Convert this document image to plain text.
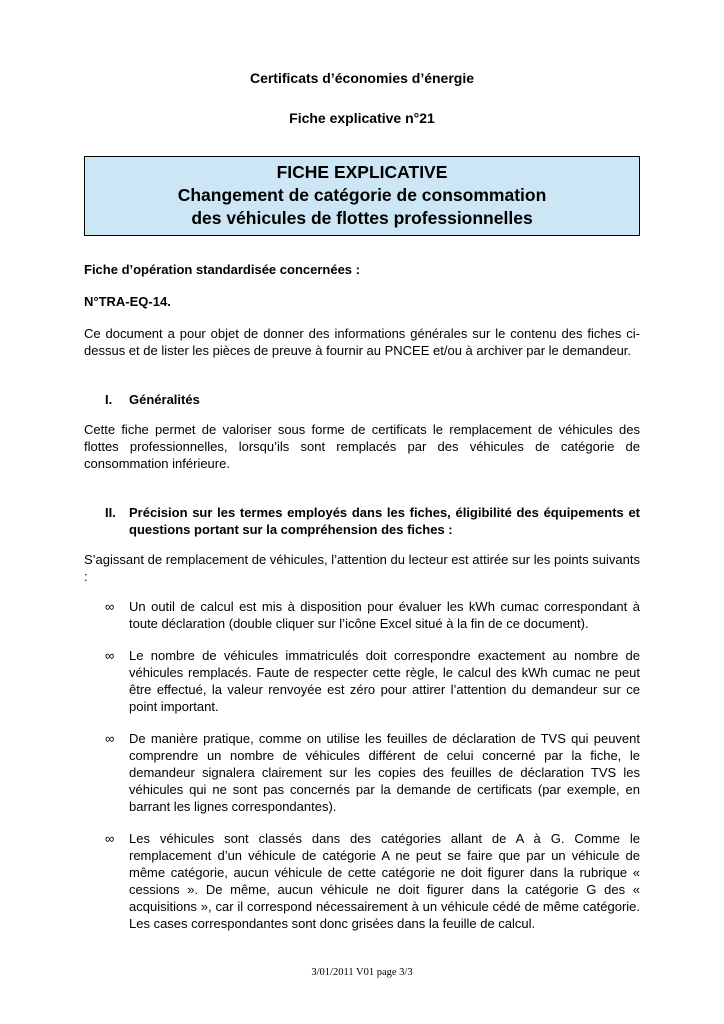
Certificats d’économies d’énergie
Fiche explicative n°21
FICHE EXPLICATIVE
Changement de catégorie de consommation
des véhicules de flottes professionnelles

Fiche d’opération standardisée concernées :

N°TRA-EQ-14.

Ce document a pour objet de donner des informations générales sur le contenu des fiches ci-dessus et de lister les pièces de preuve à fournir au PNCEE et/ou à archiver par le demandeur.

I.	Généralités

Cette fiche permet de valoriser sous forme de certificats le remplacement de véhicules des flottes professionnelles, lorsqu’ils sont remplacés par des véhicules de catégorie de consommation inférieure.

II.	Précision sur les termes employés dans les fiches, éligibilité des équipements et questions portant sur la compréhension des fiches :

S’agissant de remplacement de véhicules, l’attention du lecteur est attirée sur les points suivants :

∞	Un outil de calcul est mis à disposition pour évaluer les kWh cumac correspondant à toute déclaration (double cliquer sur l’icône Excel situé à la fin de ce document).
∞	Le nombre de véhicules immatriculés doit correspondre exactement au nombre de véhicules remplacés. Faute de respecter cette règle, le calcul des kWh cumac ne peut être effectué, la valeur renvoyée est zéro pour attirer l’attention du demandeur sur ce point important.
∞	De manière pratique, comme on utilise les feuilles de déclaration de TVS qui peuvent comprendre un nombre de véhicules différent de celui concerné par la fiche, le demandeur signalera clairement sur les copies des feuilles de déclaration TVS les véhicules qui ne sont pas concernés par la demande de certificats (par exemple, en barrant les lignes correspondantes).
∞	Les véhicules sont classés dans des catégories allant de A à G. Comme le remplacement d’un véhicule de catégorie A ne peut se faire que par un véhicule de même catégorie, aucun véhicule de cette catégorie ne doit figurer dans la rubrique « cessions ». De même, aucun véhicule ne doit figurer dans la catégorie G des « acquisitions », car il correspond nécessairement à un véhicule cédé de même catégorie. Les cases correspondantes sont donc grisées dans la feuille de calcul.
3/01/2011 V01 page 3/3
